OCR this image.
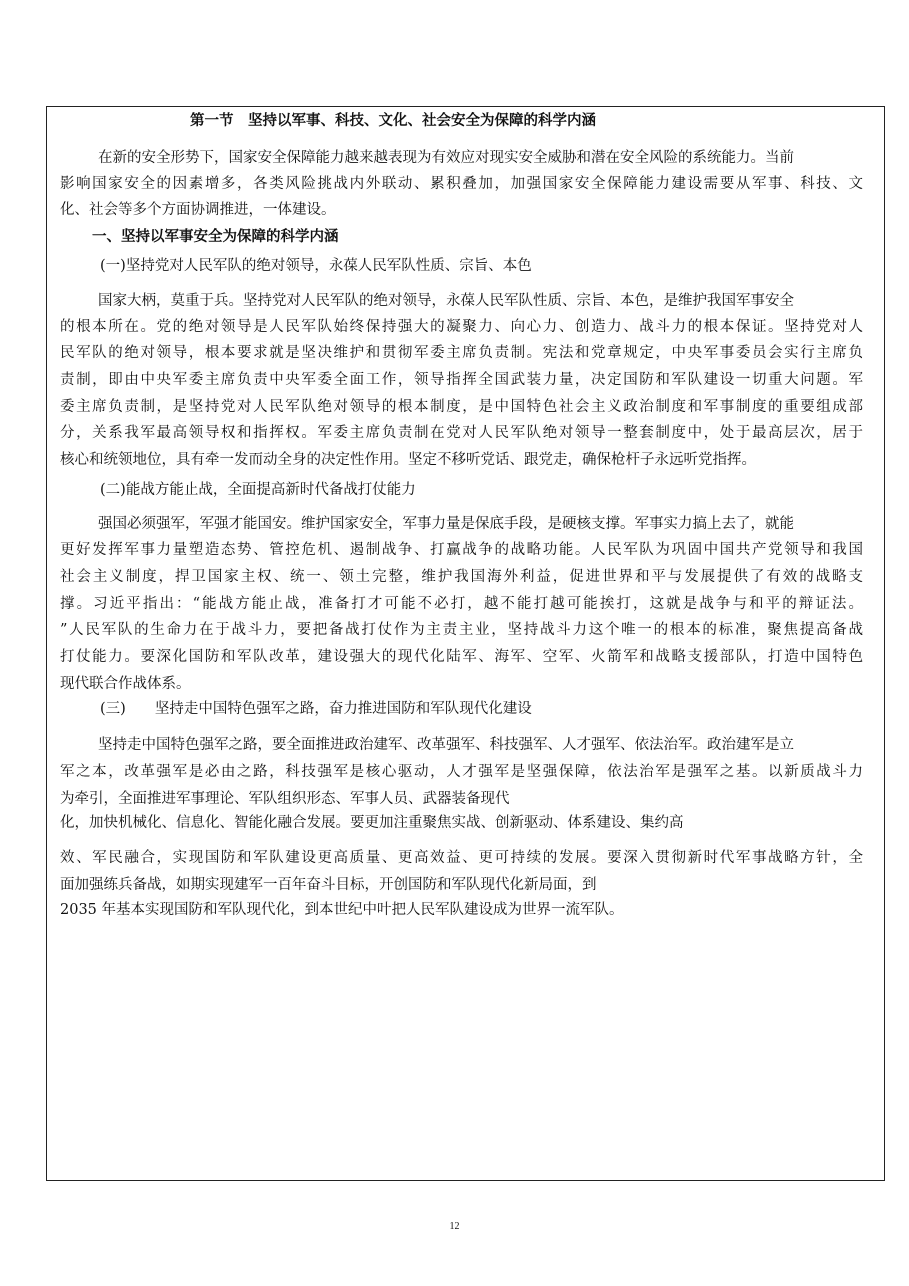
第一节　坚持以军事、科技、文化、社会安全为保障的科学内涵
在新的安全形势下，国家安全保障能力越来越表现为有效应对现实安全威胁和潜在安全风险的系统能力。当前
影响国家安全的因素增多，各类风险挑战内外联动、累积叠加，加强国家安全保障能力建设需要从军事、科技、文
化、社会等多个方面协调推进，一体建设。
一、坚持以军事安全为保障的科学内涵
(一)坚持党对人民军队的绝对领导，永葆人民军队性质、宗旨、本色
国家大柄，莫重于兵。坚持党对人民军队的绝对领导，永葆人民军队性质、宗旨、本色，是维护我国军事安全
的根本所在。党的绝对领导是人民军队始终保持强大的凝聚力、向心力、创造力、战斗力的根本保证。坚持党对人
民军队的绝对领导，根本要求就是坚决维护和贯彻军委主席负责制。宪法和党章规定，中央军事委员会实行主席负
责制，即由中央军委主席负责中央军委全面工作，领导指挥全国武装力量，决定国防和军队建设一切重大问题。军
委主席负责制，是坚持党对人民军队绝对领导的根本制度，是中国特色社会主义政治制度和军事制度的重要组成部
分，关系我军最高领导权和指挥权。军委主席负责制在党对人民军队绝对领导一整套制度中，处于最高层次，居于
核心和统领地位，具有牵一发而动全身的决定性作用。坚定不移听党话、跟党走，确保枪杆子永远听党指挥。
(二)能战方能止战，全面提高新时代备战打仗能力
强国必须强军，军强才能国安。维护国家安全，军事力量是保底手段，是硬核支撑。军事实力搞上去了，就能
更好发挥军事力量塑造态势、管控危机、遏制战争、打赢战争的战略功能。人民军队为巩固中国共产党领导和我国
社会主义制度，捍卫国家主权、统一、领土完整，维护我国海外利益，促进世界和平与发展提供了有效的战略支
撑。习近平指出：“能战方能止战，准备打才可能不必打，越不能打越可能挨打，这就是战争与和平的辩证法。
”人民军队的生命力在于战斗力，要把备战打仗作为主责主业，坚持战斗力这个唯一的根本的标准，聚焦提高备战
打仗能力。要深化国防和军队改革，建设强大的现代化陆军、海军、空军、火箭军和战略支援部队，打造中国特色
现代联合作战体系。
(三)　　坚持走中国特色强军之路，奋力推进国防和军队现代化建设
坚持走中国特色强军之路，要全面推进政治建军、改革强军、科技强军、人才强军、依法治军。政治建军是立
军之本，改革强军是必由之路，科技强军是核心驱动，人才强军是坚强保障，依法治军是强军之基。以新质战斗力
为牵引，全面推进军事理论、军队组织形态、军事人员、武器装备现代
化，加快机械化、信息化、智能化融合发展。要更加注重聚焦实战、创新驱动、体系建设、集约高
效、军民融合，实现国防和军队建设更高质量、更高效益、更可持续的发展。要深入贯彻新时代军事战略方针，全
面加强练兵备战，如期实现建军一百年奋斗目标，开创国防和军队现代化新局面，到
2035 年基本实现国防和军队现代化，到本世纪中叶把人民军队建设成为世界一流军队。
12
